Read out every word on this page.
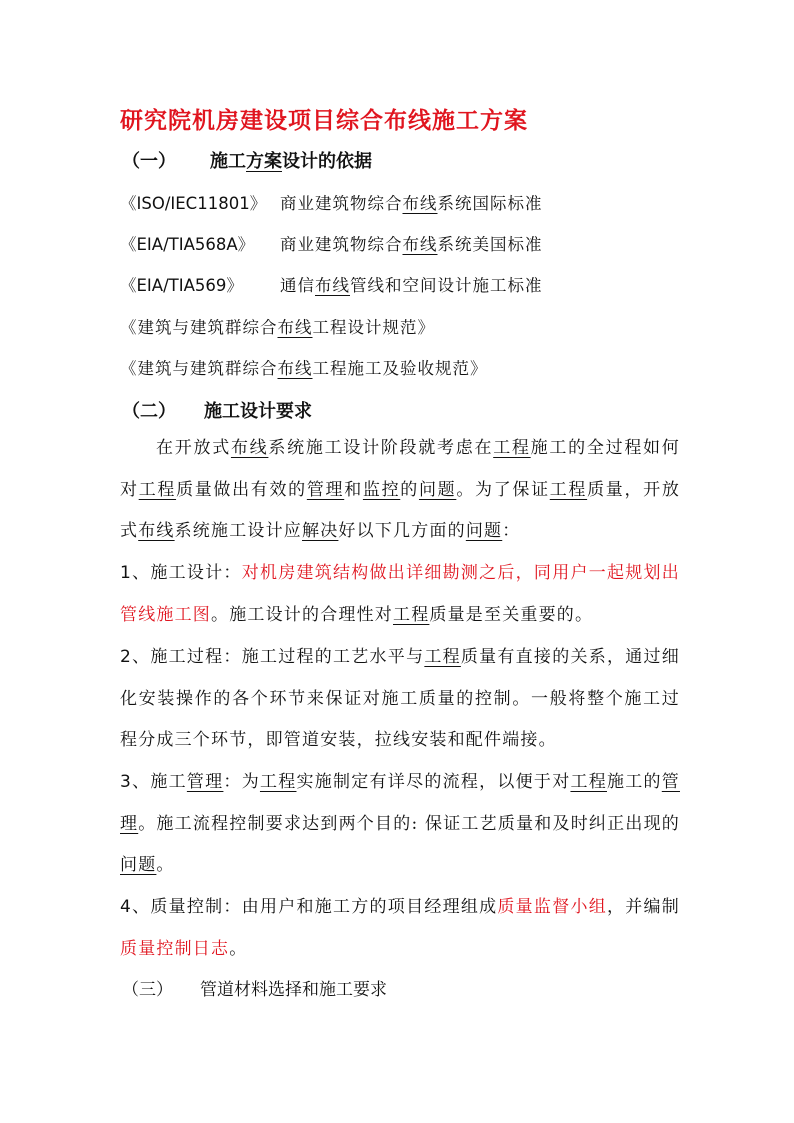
研究院机房建设项目综合布线施工方案
（一） 施工方案设计的依据
《ISO/IEC11801》 商业建筑物综合布线系统国际标准
《EIA/TIA568A》 商业建筑物综合布线系统美国标准
《EIA/TIA569》 通信布线管线和空间设计施工标准
《建筑与建筑群综合布线工程设计规范》
《建筑与建筑群综合布线工程施工及验收规范》
（二） 施工设计要求
在开放式布线系统施工设计阶段就考虑在工程施工的全过程如何对工程质量做出有效的管理和监控的问题。为了保证工程质量，开放式布线系统施工设计应解决好以下几方面的问题：
1、施工设计：对机房建筑结构做出详细勘测之后，同用户一起规划出管线施工图。施工设计的合理性对工程质量是至关重要的。
2、施工过程：施工过程的工艺水平与工程质量有直接的关系，通过细化安装操作的各个环节来保证对施工质量的控制。一般将整个施工过程分成三个环节，即管道安装，拉线安装和配件端接。
3、施工管理：为工程实施制定有详尽的流程，以便于对工程施工的管理。施工流程控制要求达到两个目的: 保证工艺质量和及时纠正出现的问题。
4、质量控制：由用户和施工方的项目经理组成质量监督小组，并编制质量控制日志。
（三） 管道材料选择和施工要求
